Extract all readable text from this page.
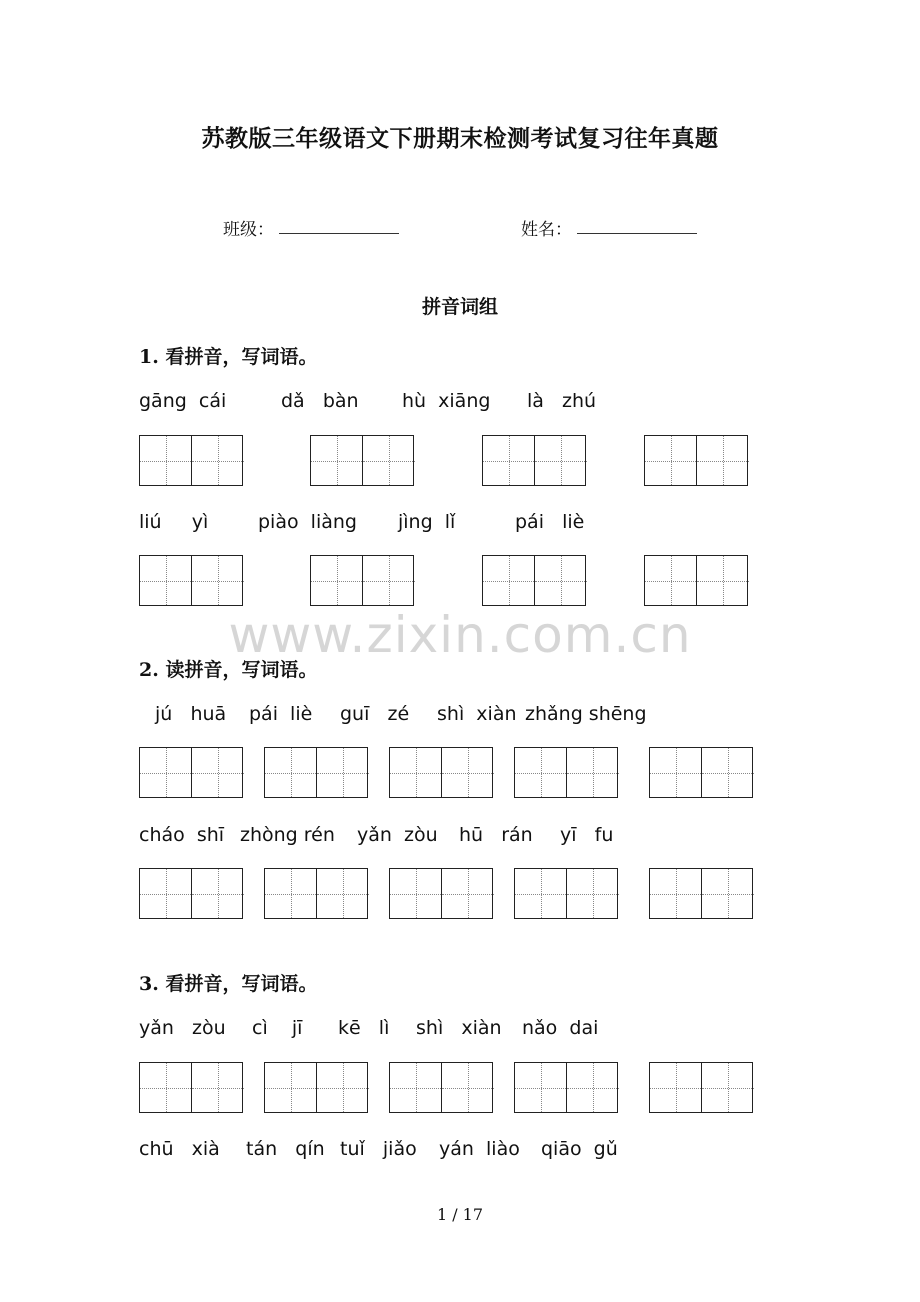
苏教版三年级语文下册期末检测考试复习往年真题
班级：	姓名：
拼音词组
1. 看拼音，写词语。
gāng  cái	dǎ   bàn hù  xiāng là   zhú
liú     yì	piào  liàng jìng  lǐ	pái   liè
www.zixin.com.cn
2. 读拼音，写词语。
jú   huā pái  liè guī   zé shì  xiàn zhǎng shēng
cháo  shī zhòng rén yǎn  zòu hū   rán yī   fu
3. 看拼音，写词语。
yǎn   zòu cì    jī kē   lì shì   xiàn nǎo  dai
chū   xià tán   qín tuǐ   jiǎo yán  liào qiāo  gǔ
1 / 17
